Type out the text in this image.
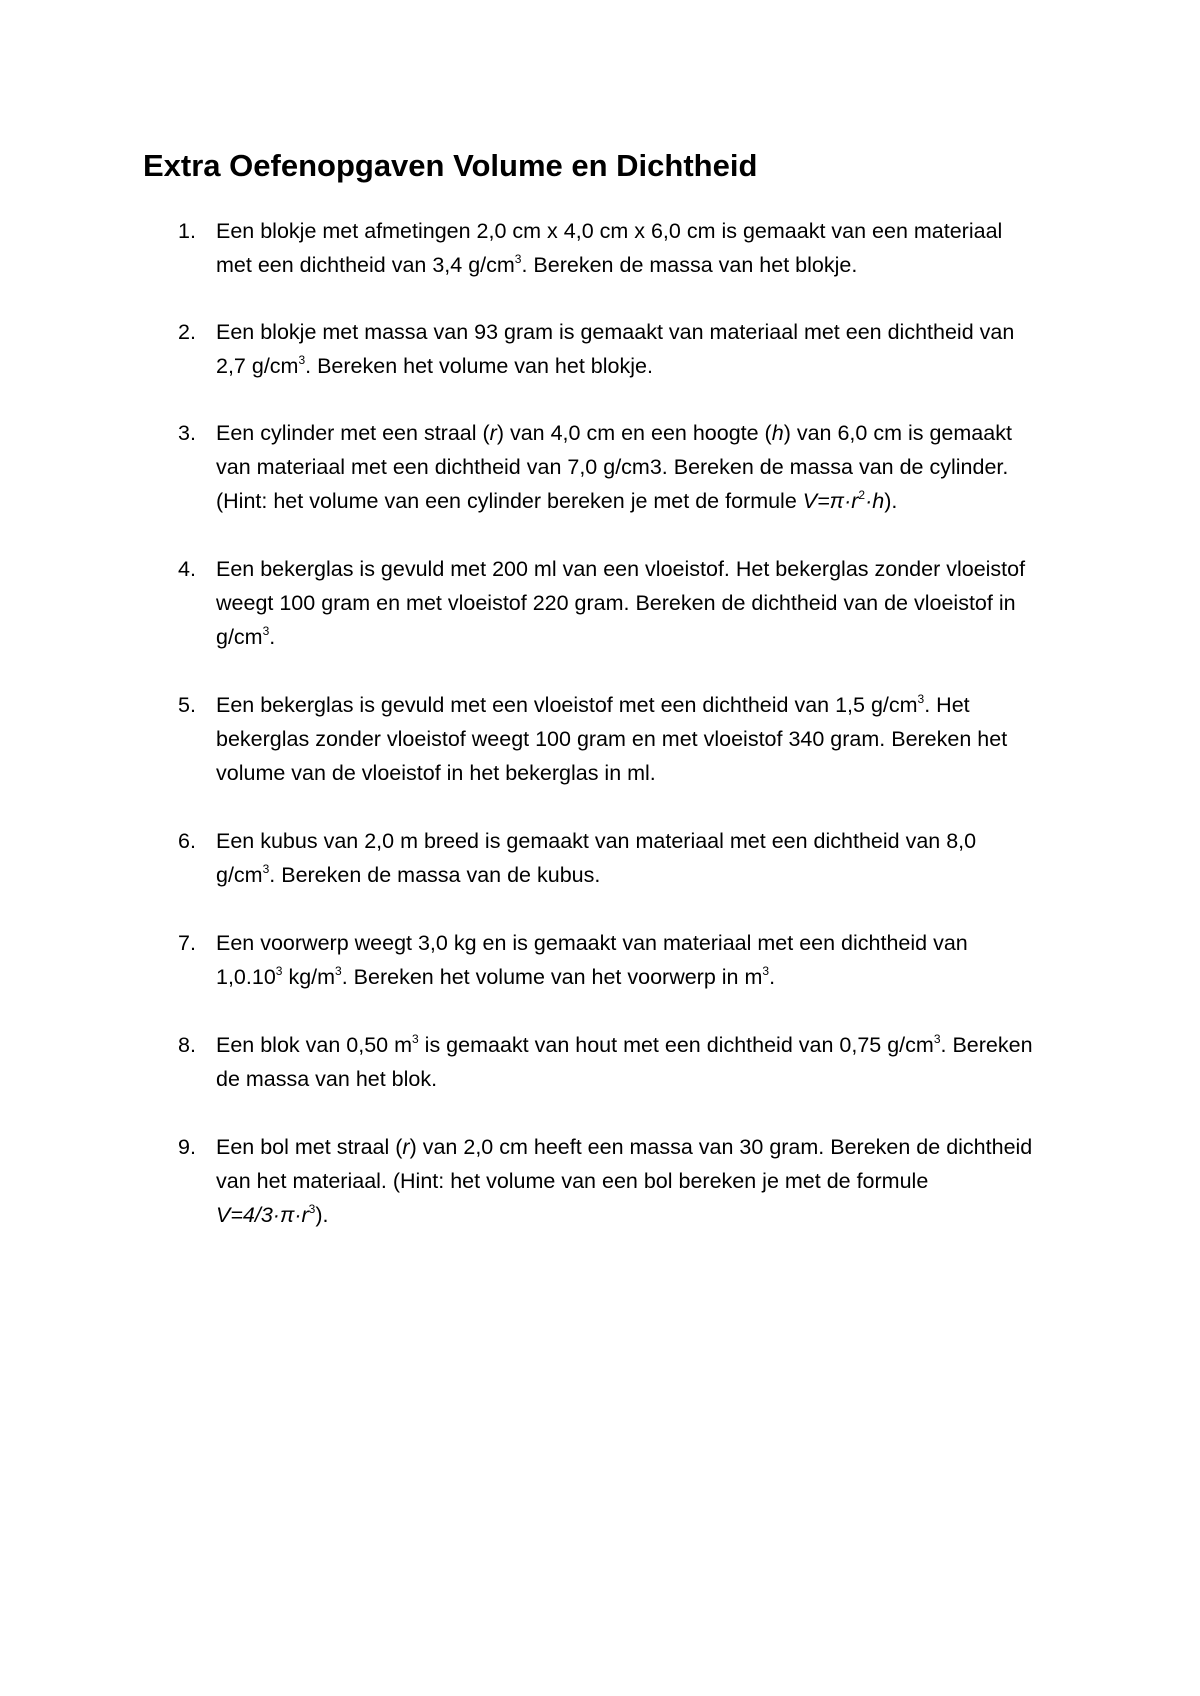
Extra Oefenopgaven Volume en Dichtheid
1. Een blokje met afmetingen 2,0 cm x 4,0 cm x 6,0 cm is gemaakt van een materiaal
met een dichtheid van 3,4 $g/cm^3$. Bereken de massa van het blokje.
2. Een blokje met massa van 93 gram is gemaakt van materiaal met een dichtheid van
2,7 $g/cm^3$. Bereken het volume van het blokje.
3. Een cylinder met een straal (r) van 4,0 cm en een hoogte (h) van 6,0 cm is gemaakt
van materiaal met een dichtheid van 7,0 g/cm3. Bereken de massa van de cylinder.
(Hint: het volume van een cylinder bereken je met de formule $V=\pi\cdot r^2\cdot h$).
4. Een bekerglas is gevuld met 200 ml van een vloeistof. Het bekerglas zonder vloeistof
weegt 100 gram en met vloeistof 220 gram. Bereken de dichtheid van de vloeistof in
$g/cm^3$.
5. Een bekerglas is gevuld met een vloeistof met een dichtheid van 1,5 $g/cm^3$. Het
bekerglas zonder vloeistof weegt 100 gram en met vloeistof 340 gram. Bereken het
volume van de vloeistof in het bekerglas in ml.
6. Een kubus van 2,0 m breed is gemaakt van materiaal met een dichtheid van 8,0
$g/cm^3$. Bereken de massa van de kubus.
7. Een voorwerp weegt 3,0 kg en is gemaakt van materiaal met een dichtheid van
1,0.10$^3$ $kg/m^3$. Bereken het volume van het voorwerp in $m^3$.
8. Een blok van 0,50 $m^3$ is gemaakt van hout met een dichtheid van 0,75 $g/cm^3$. Bereken
de massa van het blok.
9. Een bol met straal (r) van 2,0 cm heeft een massa van 30 gram. Bereken de dichtheid
van het materiaal. (Hint: het volume van een bol bereken je met de formule
$V=4/3\cdot\pi\cdot r^3$).
